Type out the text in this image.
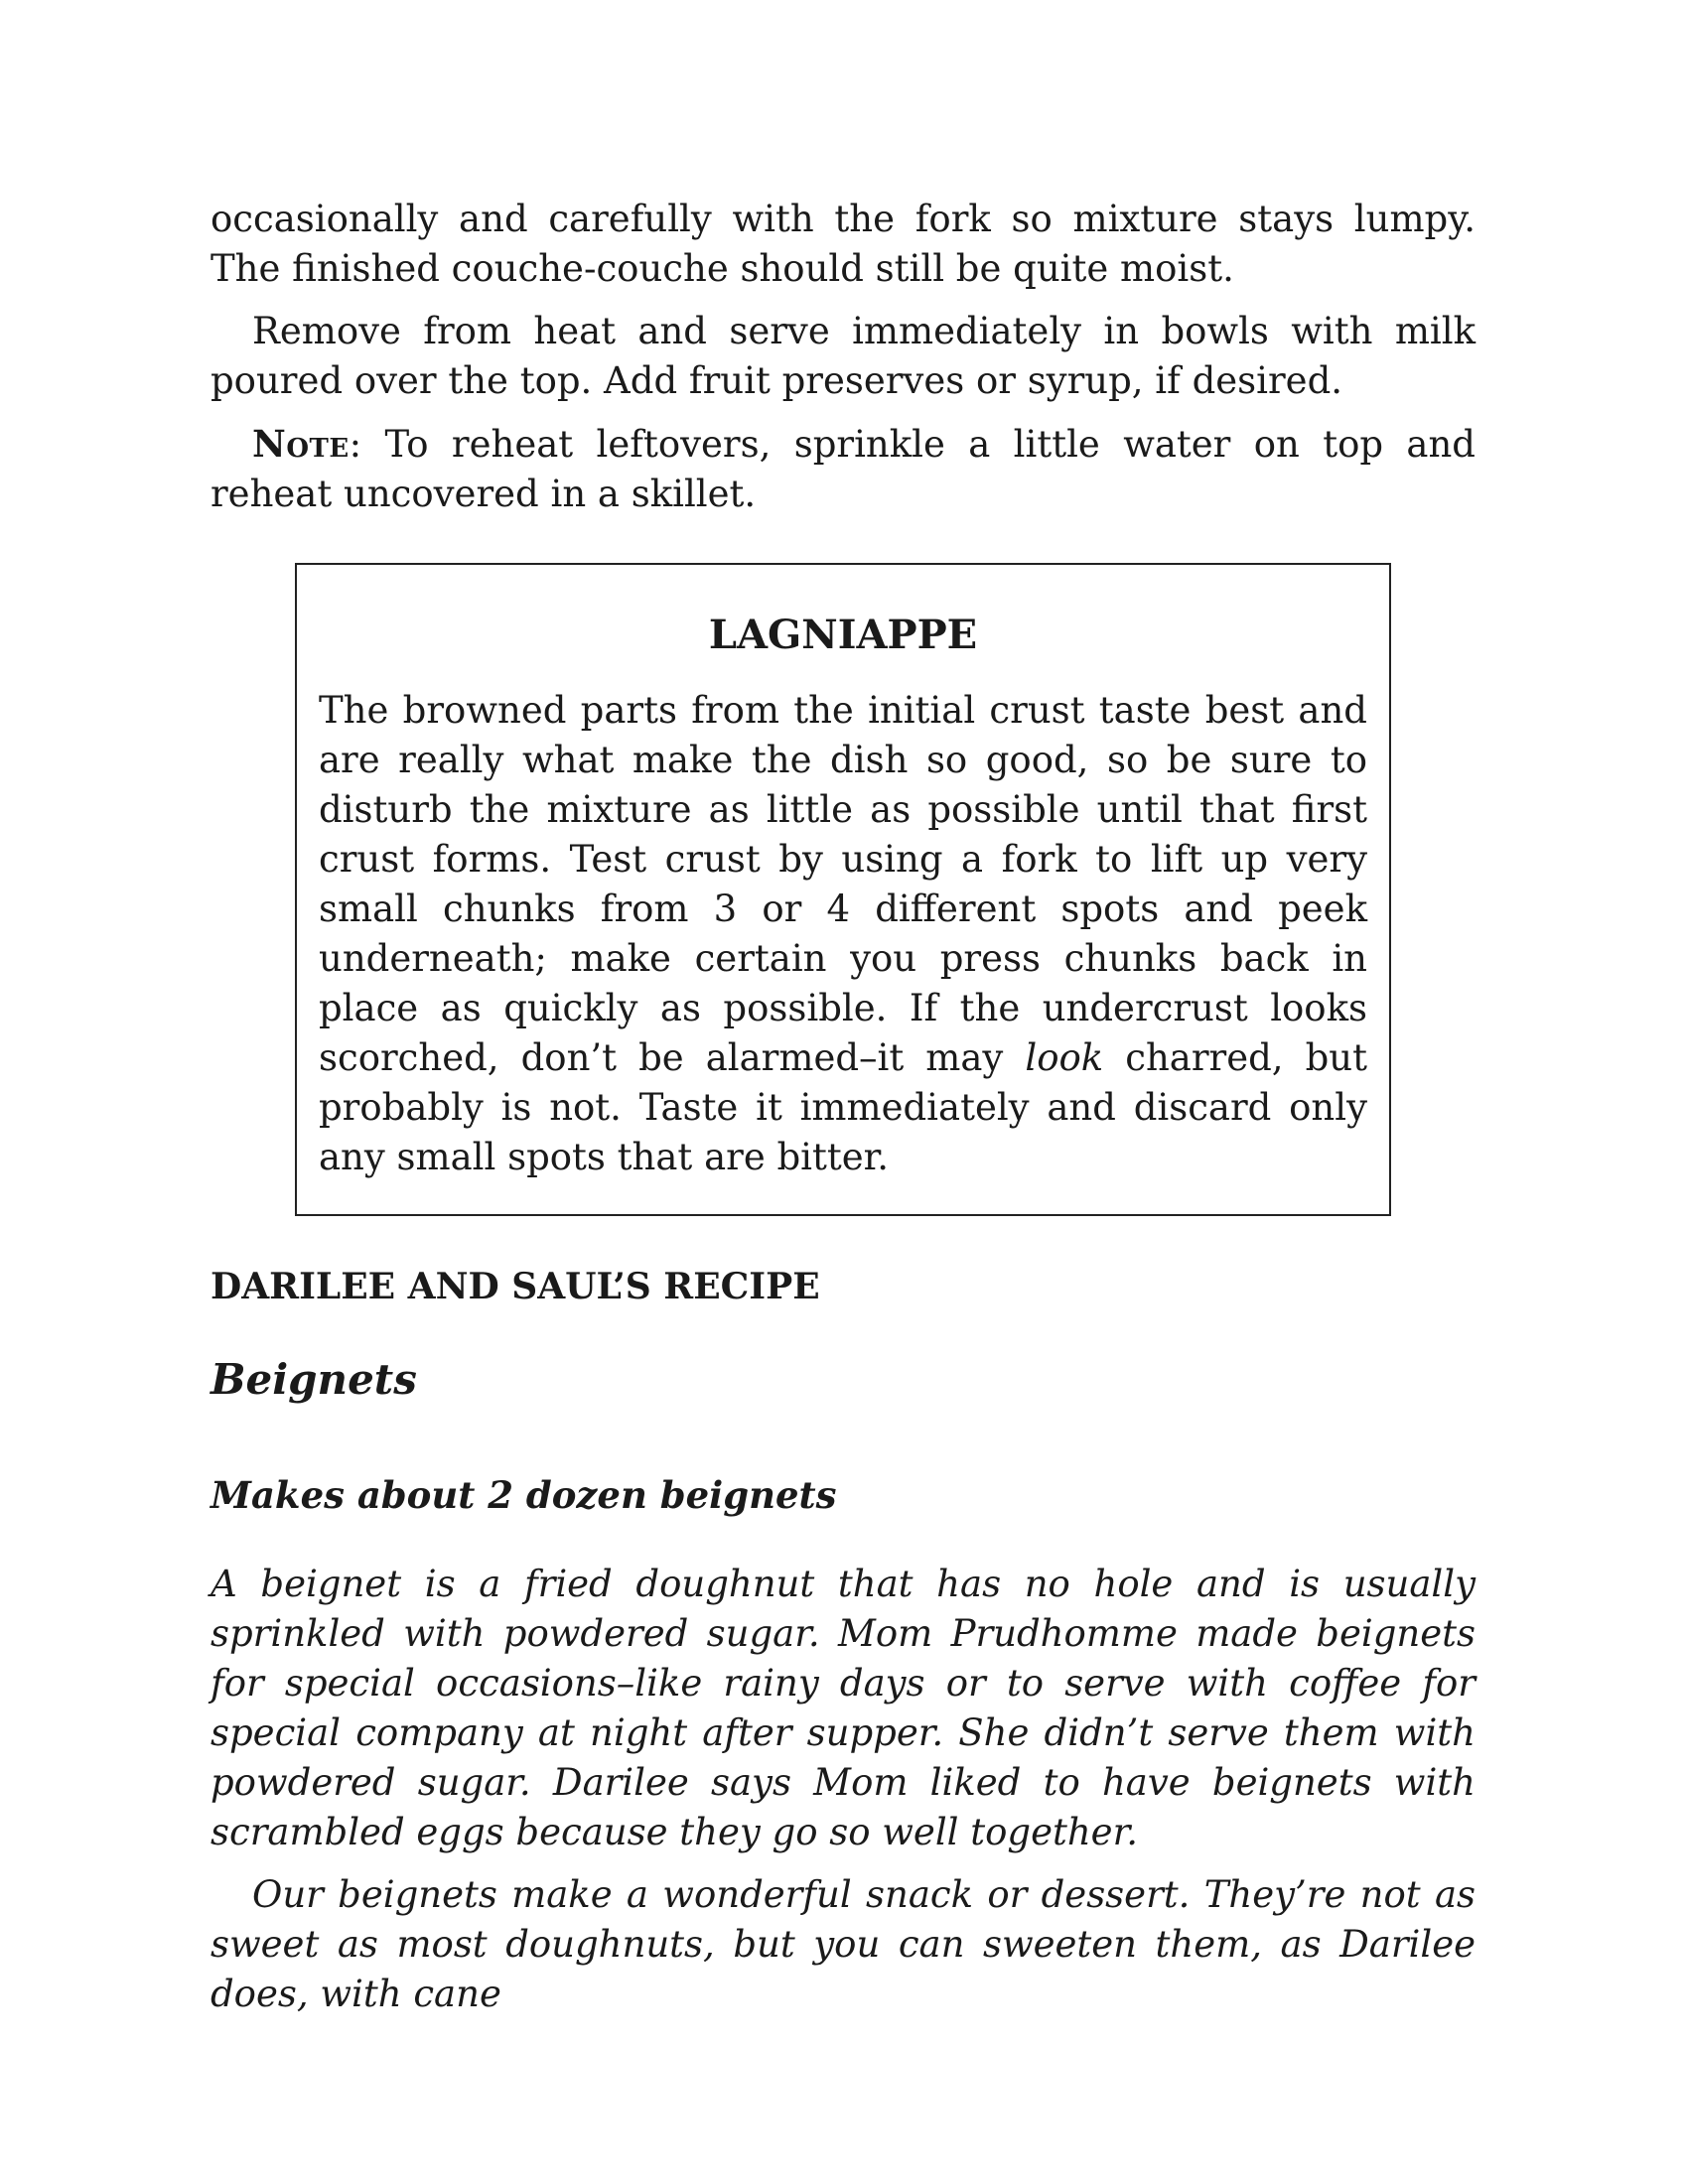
occasionally and carefully with the fork so mixture stays lumpy. The finished couche-couche should still be quite moist.

Remove from heat and serve immediately in bowls with milk poured over the top. Add fruit preserves or syrup, if desired.

Note: To reheat leftovers, sprinkle a little water on top and reheat uncovered in a skillet.

LAGNIAPPE

The browned parts from the initial crust taste best and are really what make the dish so good, so be sure to disturb the mixture as little as possible until that first crust forms. Test crust by using a fork to lift up very small chunks from 3 or 4 different spots and peek underneath; make certain you press chunks back in place as quickly as possible. If the undercrust looks scorched, don’t be alarmed–it may look charred, but probably is not. Taste it immediately and discard only any small spots that are bitter.

DARILEE AND SAUL’S RECIPE
Beignets
Makes about 2 dozen beignets

A beignet is a fried doughnut that has no hole and is usually sprinkled with powdered sugar. Mom Prudhomme made beignets for special occasions–like rainy days or to serve with coffee for special company at night after supper. She didn’t serve them with powdered sugar. Darilee says Mom liked to have beignets with scrambled eggs because they go so well together.

Our beignets make a wonderful snack or dessert. They’re not as sweet as most doughnuts, but you can sweeten them, as Darilee does, with cane
